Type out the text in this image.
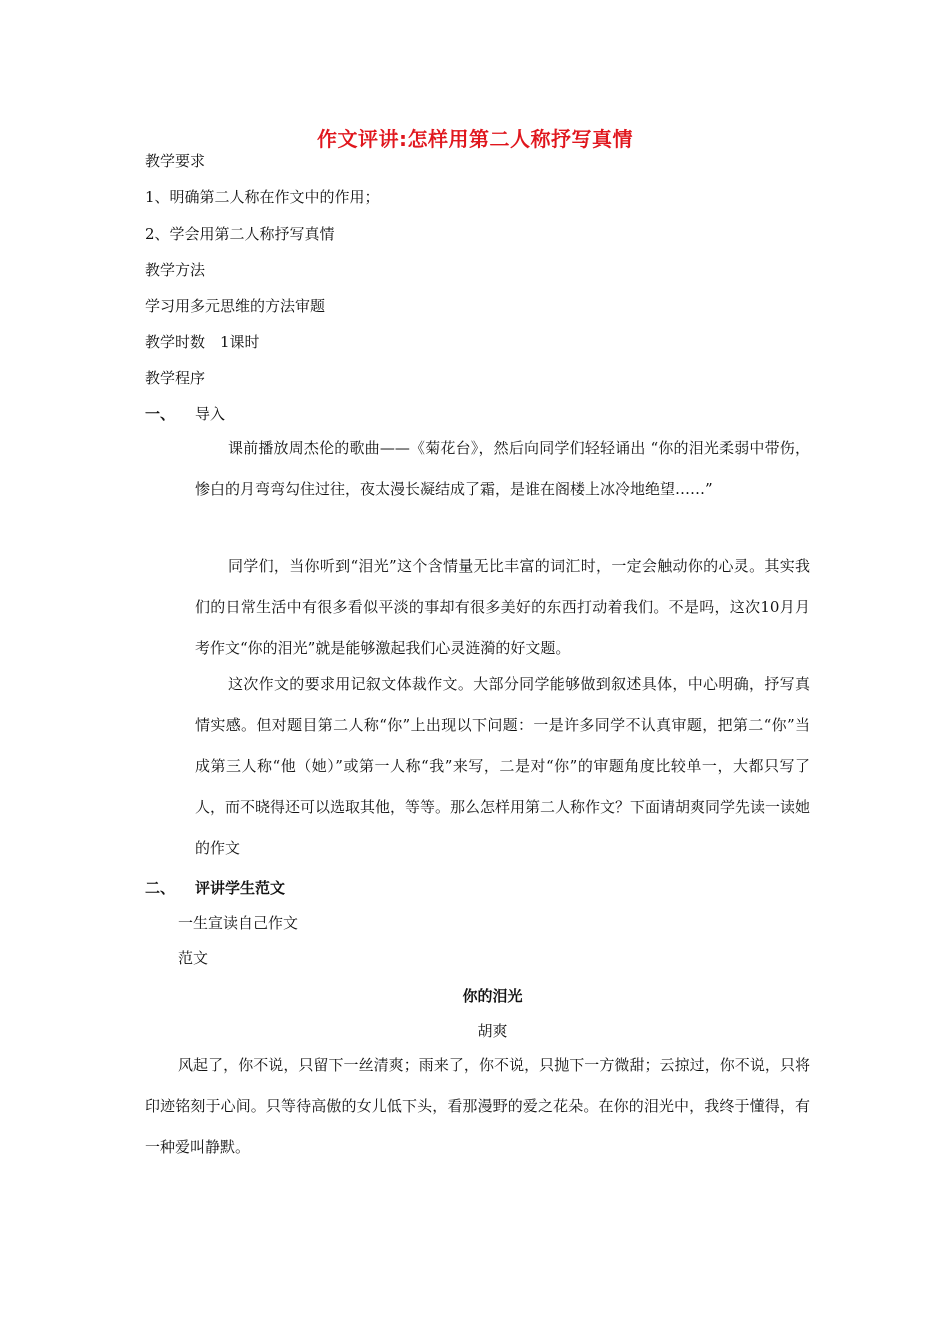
作文评讲:怎样用第二人称抒写真情
教学要求
1、明确第二人称在作文中的作用；
2、学会用第二人称抒写真情
教学方法
学习用多元思维的方法审题
教学时数　1课时
教学程序
一、 导入
课前播放周杰伦的歌曲——《菊花台》，然后向同学们轻轻诵出 “你的泪光柔弱中带伤，惨白的月弯弯勾住过往，夜太漫长凝结成了霜，是谁在阁楼上冰冷地绝望……”
同学们，当你听到“泪光”这个含情量无比丰富的词汇时，一定会触动你的心灵。其实我们的日常生活中有很多看似平淡的事却有很多美好的东西打动着我们。不是吗，这次10月月考作文“你的泪光”就是能够激起我们心灵涟漪的好文题。
这次作文的要求用记叙文体裁作文。大部分同学能够做到叙述具体，中心明确，抒写真情实感。但对题目第二人称“你”上出现以下问题：一是许多同学不认真审题，把第二“你”当成第三人称“他（她）”或第一人称“我”来写，二是对“你”的审题角度比较单一，大都只写了人，而不晓得还可以选取其他，等等。那么怎样用第二人称作文？下面请胡爽同学先读一读她的作文
二、 评讲学生范文
一生宣读自己作文
范文
你的泪光
胡爽
风起了，你不说，只留下一丝清爽；雨来了，你不说，只抛下一方微甜；云掠过，你不说，只将印迹铭刻于心间。只等待高傲的女儿低下头，看那漫野的爱之花朵。在你的泪光中，我终于懂得，有一种爱叫静默。
